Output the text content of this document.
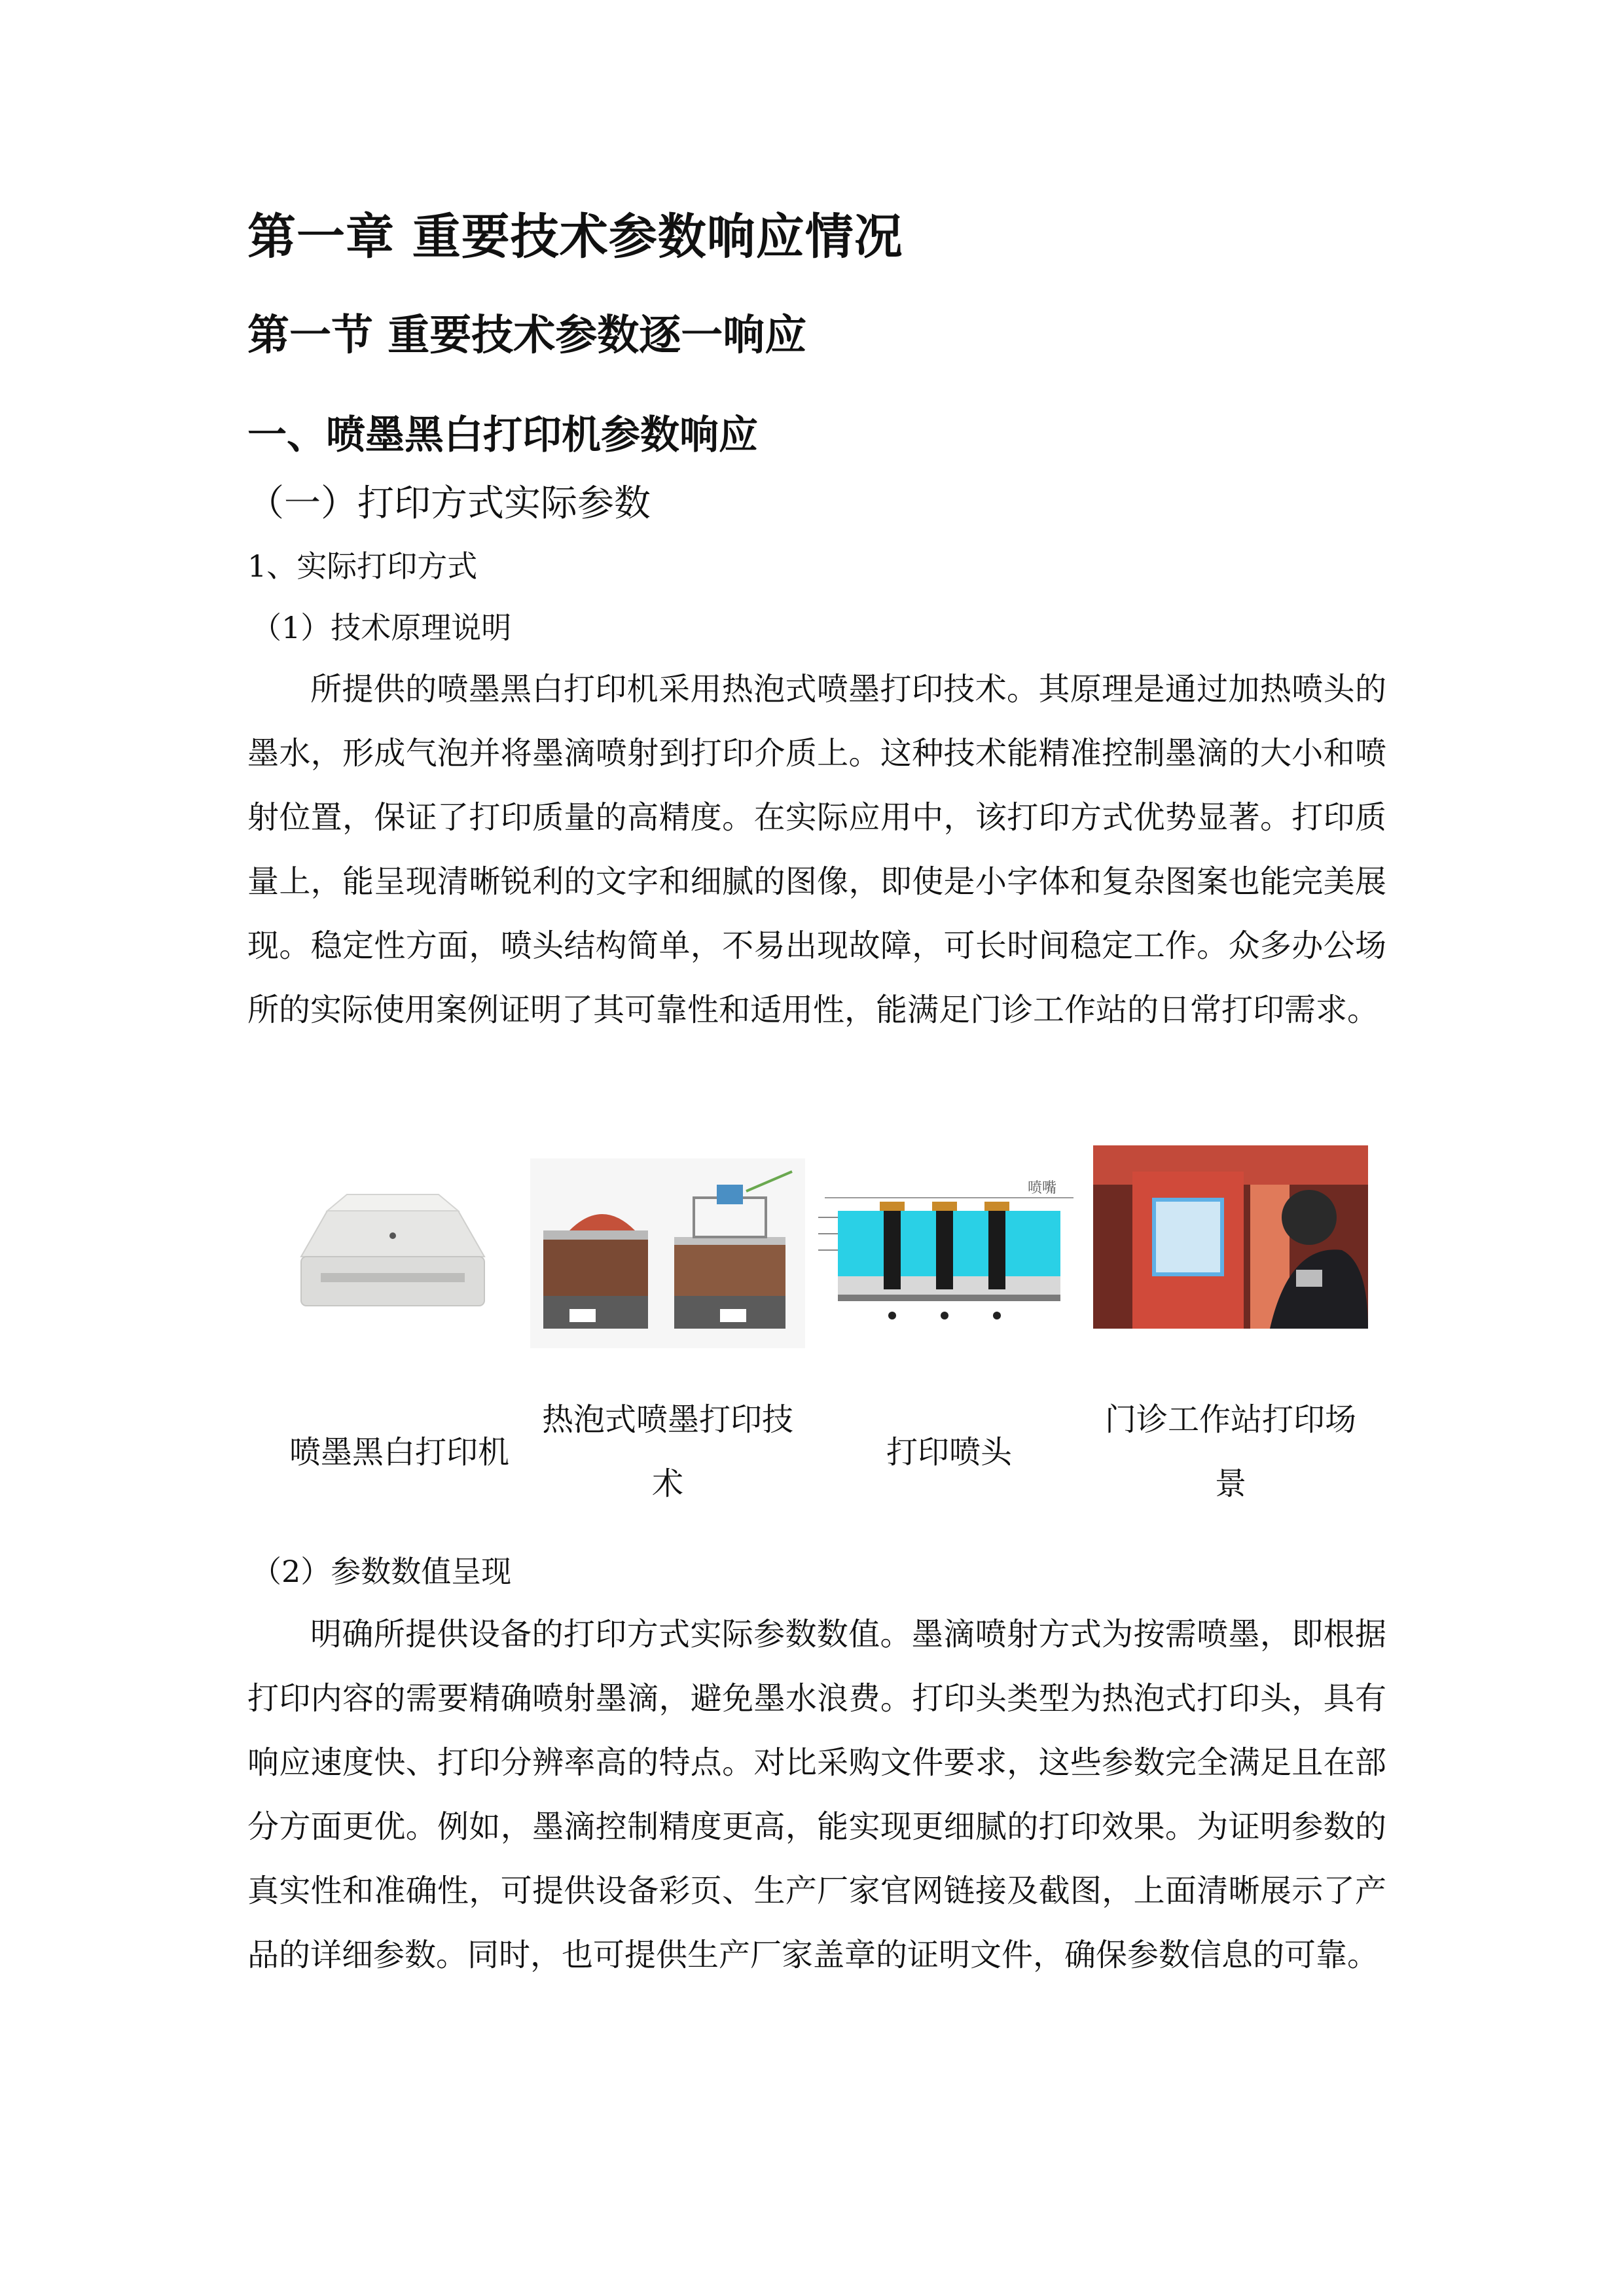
第一章 重要技术参数响应情况
第一节 重要技术参数逐一响应
一、喷墨黑白打印机参数响应
（一）打印方式实际参数
1、实际打印方式
（1）技术原理说明

所提供的喷墨黑白打印机采用热泡式喷墨打印技术。其原理是通过加热喷头的墨水，形成气泡并将墨滴喷射到打印介质上。这种技术能精准控制墨滴的大小和喷射位置，保证了打印质量的高精度。在实际应用中，该打印方式优势显著。打印质量上，能呈现清晰锐利的文字和细腻的图像，即使是小字体和复杂图案也能完美展现。稳定性方面，喷头结构简单，不易出现故障，可长时间稳定工作。众多办公场所的实际使用案例证明了其可靠性和适用性，能满足门诊工作站的日常打印需求。

喷墨黑白打印机
热泡式喷墨打印技术
喷嘴
打印喷头
门诊工作站打印场景
（2）参数数值呈现

明确所提供设备的打印方式实际参数数值。墨滴喷射方式为按需喷墨，即根据打印内容的需要精确喷射墨滴，避免墨水浪费。打印头类型为热泡式打印头，具有响应速度快、打印分辨率高的特点。对比采购文件要求，这些参数完全满足且在部分方面更优。例如，墨滴控制精度更高，能实现更细腻的打印效果。为证明参数的真实性和准确性，可提供设备彩页、生产厂家官网链接及截图，上面清晰展示了产品的详细参数。同时，也可提供生产厂家盖章的证明文件，确保参数信息的可靠。
